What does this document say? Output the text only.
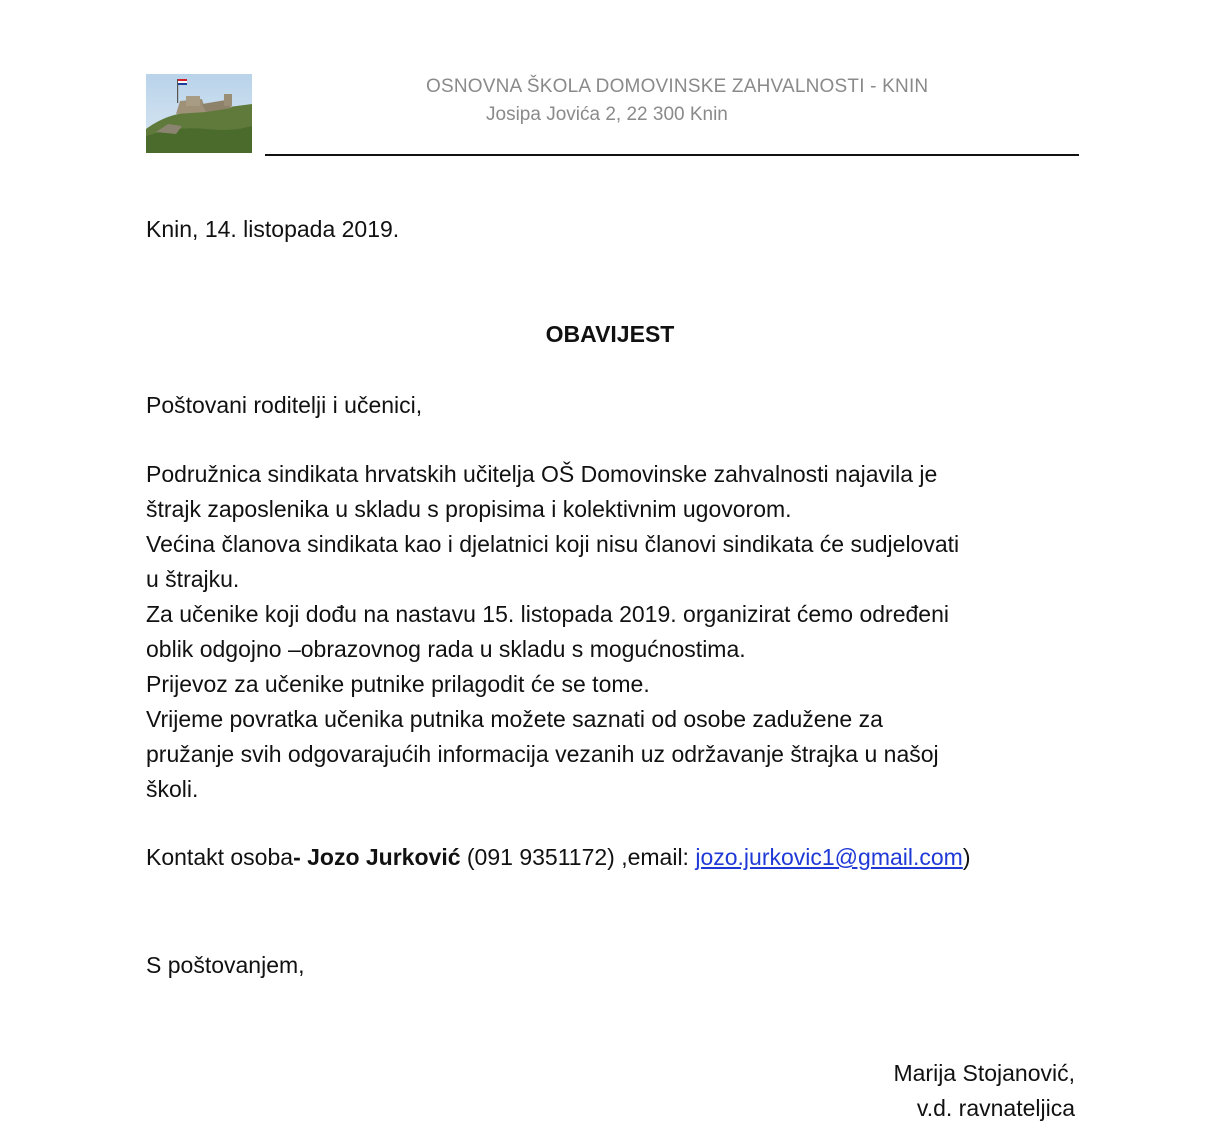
OSNOVNA ŠKOLA DOMOVINSKE ZAHVALNOSTI - KNIN
Josipa Jovića 2, 22 300 Knin
Knin, 14. listopada 2019.
OBAVIJEST
Poštovani roditelji i učenici,
Podružnica sindikata hrvatskih učitelja OŠ Domovinske zahvalnosti najavila je
štrajk zaposlenika u skladu s propisima i kolektivnim ugovorom.
Većina članova sindikata kao i djelatnici koji nisu članovi sindikata će sudjelovati
u štrajku.
Za učenike koji dođu na nastavu 15. listopada 2019. organizirat ćemo određeni
oblik odgojno –obrazovnog rada u skladu s mogućnostima.
Prijevoz za učenike putnike prilagodit će se tome.
Vrijeme povratka učenika putnika možete saznati od osobe zadužene za
pružanje svih odgovarajućih informacija vezanih uz održavanje štrajka u našoj
školi.
Kontakt osoba- Jozo Jurković (091 9351172) ,email: jozo.jurkovic1@gmail.com)
S poštovanjem,
Marija Stojanović,
v.d. ravnateljica
